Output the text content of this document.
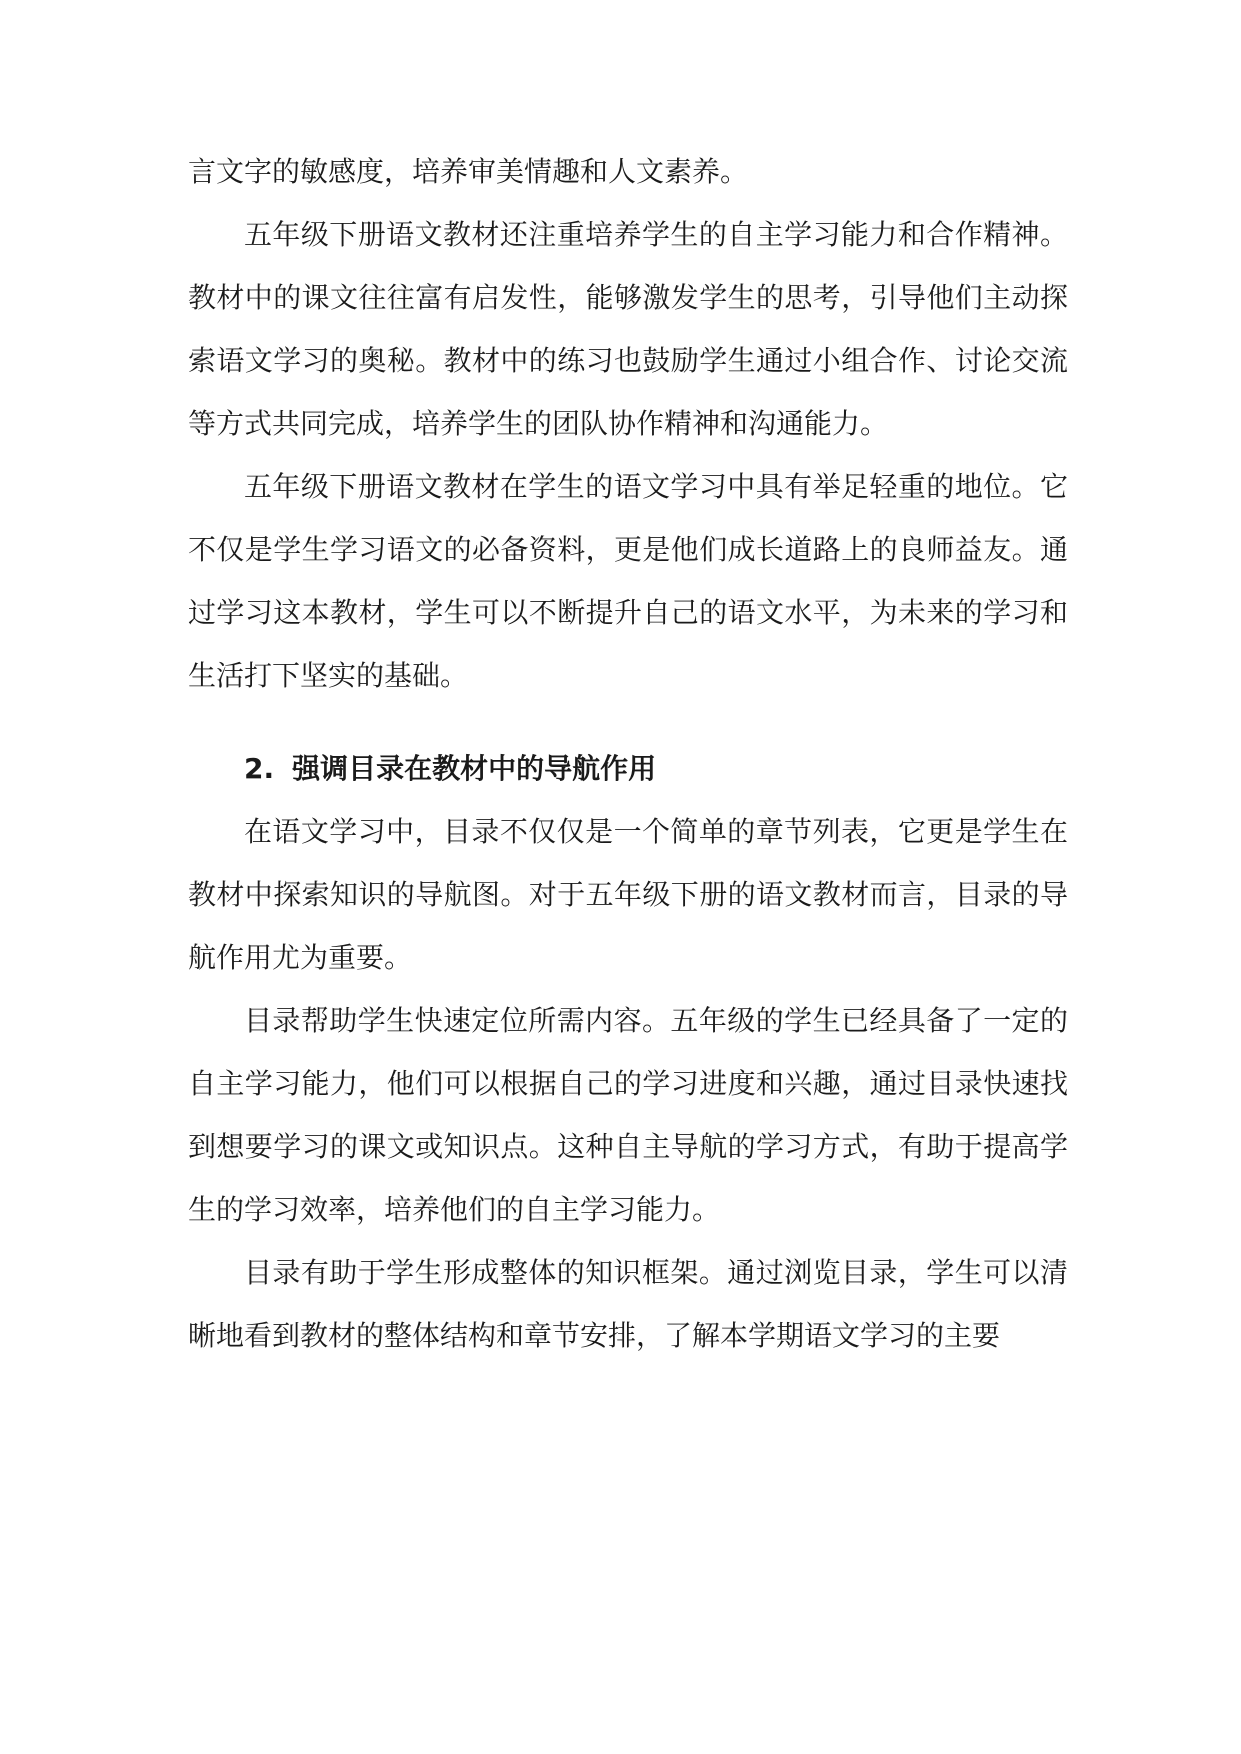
言文字的敏感度，培养审美情趣和人文素养。

五年级下册语文教材还注重培养学生的自主学习能力和合作精神。教材中的课文往往富有启发性，能够激发学生的思考，引导他们主动探索语文学习的奥秘。教材中的练习也鼓励学生通过小组合作、讨论交流等方式共同完成，培养学生的团队协作精神和沟通能力。

五年级下册语文教材在学生的语文学习中具有举足轻重的地位。它不仅是学生学习语文的必备资料，更是他们成长道路上的良师益友。通过学习这本教材，学生可以不断提升自己的语文水平，为未来的学习和生活打下坚实的基础。

2. 强调目录在教材中的导航作用

在语文学习中，目录不仅仅是一个简单的章节列表，它更是学生在教材中探索知识的导航图。对于五年级下册的语文教材而言，目录的导航作用尤为重要。

目录帮助学生快速定位所需内容。五年级的学生已经具备了一定的自主学习能力，他们可以根据自己的学习进度和兴趣，通过目录快速找到想要学习的课文或知识点。这种自主导航的学习方式，有助于提高学生的学习效率，培养他们的自主学习能力。

目录有助于学生形成整体的知识框架。通过浏览目录，学生可以清晰地看到教材的整体结构和章节安排，了解本学期语文学习的主要
